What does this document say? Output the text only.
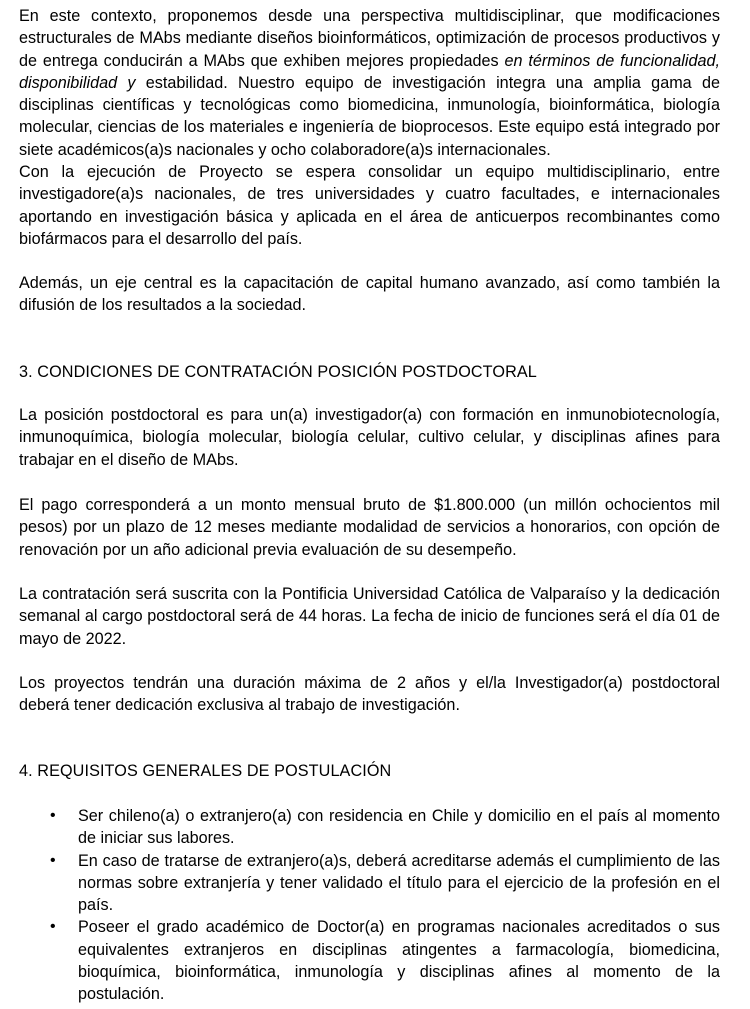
En este contexto, proponemos desde una perspectiva multidisciplinar, que modificaciones estructurales de MAbs mediante diseños bioinformáticos, optimización de procesos productivos y de entrega conducirán a MAbs que exhiben mejores propiedades en términos de funcionalidad, disponibilidad y estabilidad. Nuestro equipo de investigación integra una amplia gama de disciplinas científicas y tecnológicas como biomedicina, inmunología, bioinformática, biología molecular, ciencias de los materiales e ingeniería de bioprocesos. Este equipo está integrado por siete académicos(a)s nacionales y ocho colaboradore(a)s internacionales.

Con la ejecución de Proyecto se espera consolidar un equipo multidisciplinario, entre investigadore(a)s nacionales, de tres universidades y cuatro facultades, e internacionales aportando en investigación básica y aplicada en el área de anticuerpos recombinantes como biofármacos para el desarrollo del país.

Además, un eje central es la capacitación de capital humano avanzado, así como también la difusión de los resultados a la sociedad.

3. CONDICIONES DE CONTRATACIÓN POSICIÓN POSTDOCTORAL

La posición postdoctoral es para un(a) investigador(a) con formación en inmunobiotecnología, inmunoquímica, biología molecular, biología celular, cultivo celular, y disciplinas afines para trabajar en el diseño de MAbs.

El pago corresponderá a un monto mensual bruto de $1.800.000 (un millón ochocientos mil pesos) por un plazo de 12 meses mediante modalidad de servicios a honorarios, con opción de renovación por un año adicional previa evaluación de su desempeño.

La contratación será suscrita con la Pontificia Universidad Católica de Valparaíso y la dedicación semanal al cargo postdoctoral será de 44 horas. La fecha de inicio de funciones será el día 01 de mayo de 2022.

Los proyectos tendrán una duración máxima de 2 años y el/la Investigador(a) postdoctoral deberá tener dedicación exclusiva al trabajo de investigación.

4. REQUISITOS GENERALES DE POSTULACIÓN
• Ser chileno(a) o extranjero(a) con residencia en Chile y domicilio en el país al momento de iniciar sus labores.
• En caso de tratarse de extranjero(a)s, deberá acreditarse además el cumplimiento de las normas sobre extranjería y tener validado el título para el ejercicio de la profesión en el país.
• Poseer el grado académico de Doctor(a) en programas nacionales acreditados o sus equivalentes extranjeros en disciplinas atingentes a farmacología, biomedicina, bioquímica, bioinformática, inmunología y disciplinas afines al momento de la postulación.
